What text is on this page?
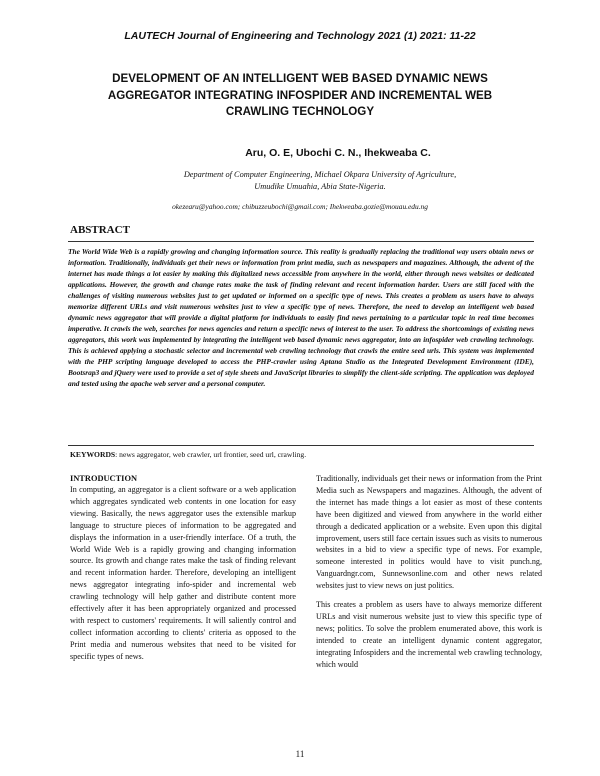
LAUTECH Journal of Engineering and Technology 2021 (1) 2021: 11-22
DEVELOPMENT OF AN INTELLIGENT WEB BASED DYNAMIC NEWS AGGREGATOR INTEGRATING INFOSPIDER AND INCREMENTAL WEB CRAWLING TECHNOLOGY
Aru, O. E, Ubochi C. N., Ihekweaba C.
Department of Computer Engineering, Michael Okpara University of Agriculture, Umudike Umuahia, Abia State-Nigeria.
okezearu@yahoo.com; chibuzzeubochi@gmail.com; Ihekweaba.gozie@mouau.edu.ng
ABSTRACT
The World Wide Web is a rapidly growing and changing information source. This reality is gradually replacing the traditional way users obtain news or information. Traditionally, individuals get their news or information from print media, such as newspapers and magazines. Although, the advent of the internet has made things a lot easier by making this digitalized news accessible from anywhere in the world, either through news websites or dedicated applications. However, the growth and change rates make the task of finding relevant and recent information harder. Users are still faced with the challenges of visiting numerous websites just to get updated or informed on a specific type of news. This creates a problem as users have to always memorize different URLs and visit numerous websites just to view a specific type of news. Therefore, the need to develop an intelligent web based dynamic news aggregator that will provide a digital platform for individuals to easily find news pertaining to a particular topic in real time becomes imperative. It crawls the web, searches for news agencies and return a specific news of interest to the user. To address the shortcomings of existing news aggregators, this work was implemented by integrating the intelligent web based dynamic news aggregator, into an infospider web crawling technology. This is achieved applying a stochastic selector and incremental web crawling technology that crawls the entire seed urls. This system was implemented with the PHP scripting language developed to access the PHP-crawler using Aptana Studio as the Integrated Development Environment (IDE), Bootsrap3 and jQuery were used to provide a set of style sheets and JavaScript libraries to simplify the client-side scripting. The application was deployed and tested using the apache web server and a personal computer.
KEYWORDS: news aggregator, web crawler, url frontier, seed url, crawling.
INTRODUCTION

In computing, an aggregator is a client software or a web application which aggregates syndicated web contents in one location for easy viewing. Basically, the news aggregator uses the extensible markup language to structure pieces of information to be aggregated and displays the information in a user-friendly interface. Of a truth, the World Wide Web is a rapidly growing and changing information source. Its growth and change rates make the task of finding relevant and recent information harder. Therefore, developing an intelligent news aggregator integrating info-spider and incremental web crawling technology will help gather and distribute content more effectively after it has been appropriately organized and processed with respect to customers' requirements. It will saliently control and collect information according to clients' criteria as opposed to the Print media and numerous websites that need to be visited for specific types of news.

Traditionally, individuals get their news or information from the Print Media such as Newspapers and magazines. Although, the advent of the internet has made things a lot easier as most of these contents have been digitized and viewed from anywhere in the world either through a dedicated application or a website. Even upon this digital improvement, users still face certain issues such as visits to numerous websites in a bid to view a specific type of news. For example, someone interested in politics would have to visit punch.ng, Vanguardngr.com, Sunnewsonline.com and other news related websites just to view news on just politics.

This creates a problem as users have to always memorize different URLs and visit numerous website just to view this specific type of news; politics. To solve the problem enumerated above, this work is intended to create an intelligent dynamic content aggregator, integrating Infospiders and the incremental web crawling technology, which would

11
